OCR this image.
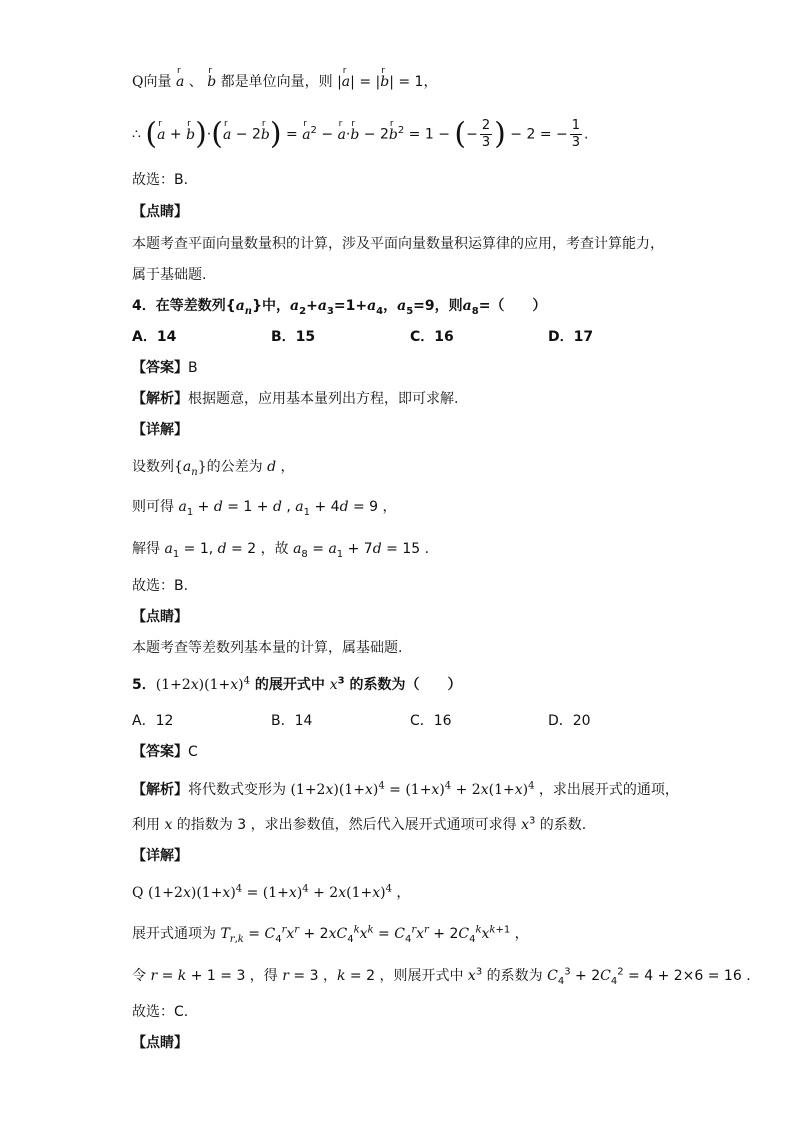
Q向量 r a 、 r b 都是单位向量，则 |r a| = |r b| = 1，
∴ (r a + r b)·(r a − 2r b) = r $a^2 - r$ a·r b − 2r $b^2 = 1$ − (− $\frac{2}{3}$ ) − 2 = − $\frac{1}{3}$ .
故选：B.
【点睛】
本题考查平面向量数量积的计算，涉及平面向量数量积运算律的应用，考查计算能力，
属于基础题.
4．在等差数列$\{a_n\}$中，$a_2+a_3=1+a_4$，$a_5=9$，则$a_8=$（　　）
A．14	B．15	C．16	D．17
【答案】B
【解析】根据题意，应用基本量列出方程，即可求解.
【详解】
设数列$\{a_n\}$的公差为 d ，
则可得 $a_1 + d = 1 + d$ , $a_1 + 4d = 9$ ，
解得 $a_1 = 1$, d = 2 ，故 $a_8 = a_1 + 7d = 15$ .
故选：B.
【点睛】
本题考查等差数列基本量的计算，属基础题.
5．$(1+2x)(1+x)^4$ 的展开式中 $x^3$ 的系数为（　　）
A．12	B．14	C．16	D．20
【答案】C
【解析】将代数式变形为 $(1+2x)(1+x)^4 = (1+x)^4 + 2x(1+x)^4$ ，求出展开式的通项，
利用 x 的指数为 3 ，求出参数值，然后代入展开式通项可求得 $x^3$ 的系数.
【详解】
Q $(1+2x)(1+x)^4 = (1+x)^4 + 2x(1+x)^4$ ，
展开式通项为 $T_{r,k} = C_4^rx^r + 2xC_4^kx^k = C_4^rx^r + 2C_4^kx^{k+1}$ ，
令 r = k + 1 = 3 ，得 r = 3 ，k = 2 ，则展开式中 $x^3$ 的系数为 $C_4^3 + 2C_4^2 = 4 + 2\times 6 = 16$ .
故选：C.
【点睛】
